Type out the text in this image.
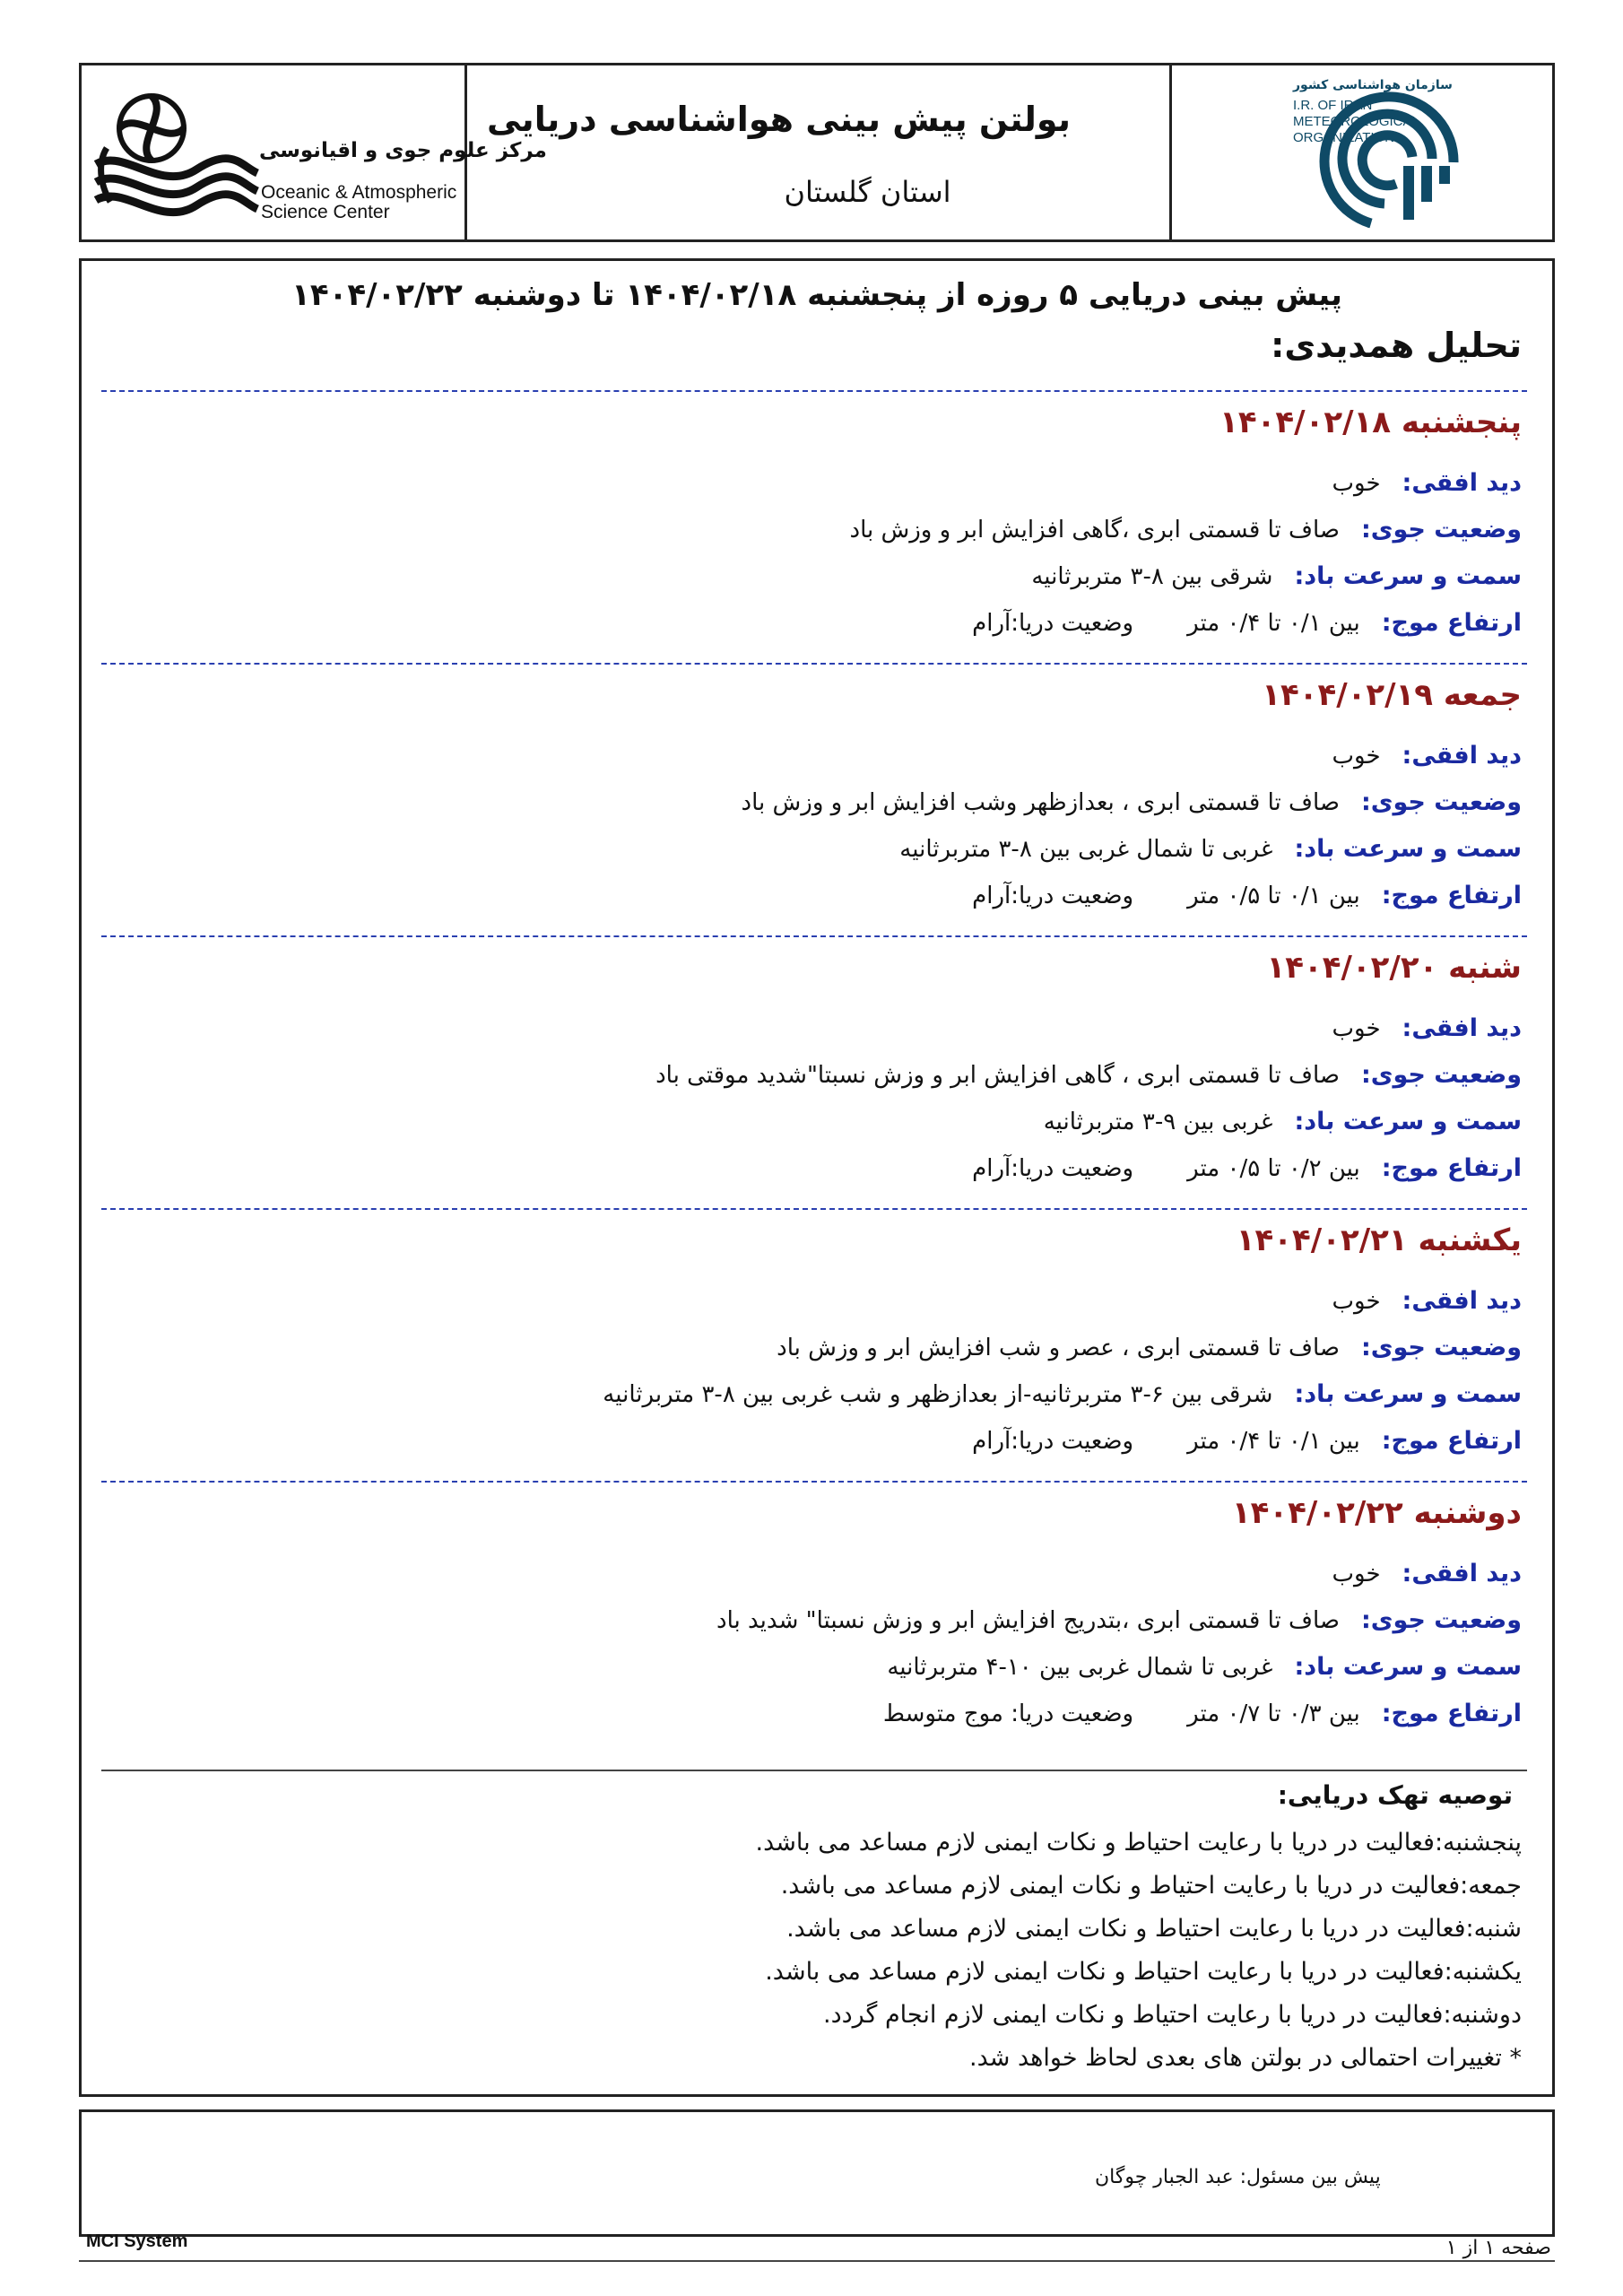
مرکز علوم جوی و اقیانوسی
Oceanic & Atmospheric
Science Center
بولتن پیش بینی هواشناسی دریایی
استان گلستان
سازمان هواشناسی کشور
I.R. OF IRAN
METEOROLOGICAL
ORGANIZATION
پیش بینی دریایی ۵ روزه از پنجشنبه ۱۴۰۴/۰۲/۱۸ تا دوشنبه ۱۴۰۴/۰۲/۲۲
تحلیل همدیدی:
پنجشنبه ۱۴۰۴/۰۲/۱۸
دید افقی:
خوب
وضعیت جوی:
صاف تا قسمتی ابری ،گاهی افزایش ابر و وزش باد
سمت و سرعت باد:
شرقی بین ۸-۳ متربرثانیه
ارتفاع موج:
بین ۰/۱ تا ۰/۴ متر
وضعیت دریا:آرام
جمعه ۱۴۰۴/۰۲/۱۹
دید افقی:
خوب
وضعیت جوی:
صاف تا قسمتی ابری ، بعدازظهر وشب افزایش ابر و وزش باد
سمت و سرعت باد:
غربی تا شمال غربی بین ۸-۳ متربرثانیه
ارتفاع موج:
بین ۰/۱ تا ۰/۵ متر
وضعیت دریا:آرام
شنبه ۱۴۰۴/۰۲/۲۰
دید افقی:
خوب
وضعیت جوی:
صاف تا قسمتی ابری ، گاهی افزایش ابر و وزش نسبتا"شدید موقتی باد
سمت و سرعت باد:
غربی بین ۹-۳ متربرثانیه
ارتفاع موج:
بین ۰/۲ تا ۰/۵ متر
وضعیت دریا:آرام
یکشنبه ۱۴۰۴/۰۲/۲۱
دید افقی:
خوب
وضعیت جوی:
صاف تا قسمتی ابری ، عصر و شب افزایش ابر و وزش باد
سمت و سرعت باد:
شرقی بین ۶-۳ متربرثانیه-از بعدازظهر و شب غربی بین ۸-۳ متربرثانیه
ارتفاع موج:
بین ۰/۱ تا ۰/۴ متر
وضعیت دریا:آرام
دوشنبه ۱۴۰۴/۰۲/۲۲
دید افقی:
خوب
وضعیت جوی:
صاف تا قسمتی ابری ،بتدریج افزایش ابر و وزش نسبتا" شدید باد
سمت و سرعت باد:
غربی تا شمال غربی بین ۱۰-۴ متربرثانیه
ارتفاع موج:
بین ۰/۳ تا ۰/۷ متر
وضعیت دریا: موج متوسط
توصیه تهک دریایی:
پنجشنبه:فعالیت در دریا با رعایت احتیاط و نکات ایمنی لازم مساعد می باشد.
جمعه:فعالیت در دریا با رعایت احتیاط و نکات ایمنی لازم مساعد می باشد.
شنبه:فعالیت در دریا با رعایت احتیاط و نکات ایمنی لازم مساعد می باشد.
یکشنبه:فعالیت در دریا با رعایت احتیاط و نکات ایمنی لازم مساعد می باشد.
دوشنبه:فعالیت در دریا با رعایت احتیاط و نکات ایمنی لازم انجام گردد.
* تغییرات احتمالی در بولتن های بعدی لحاظ خواهد شد.
پیش بین مسئول: عبد الجبار چوگان
MCI System	صفحه ۱ از ۱
